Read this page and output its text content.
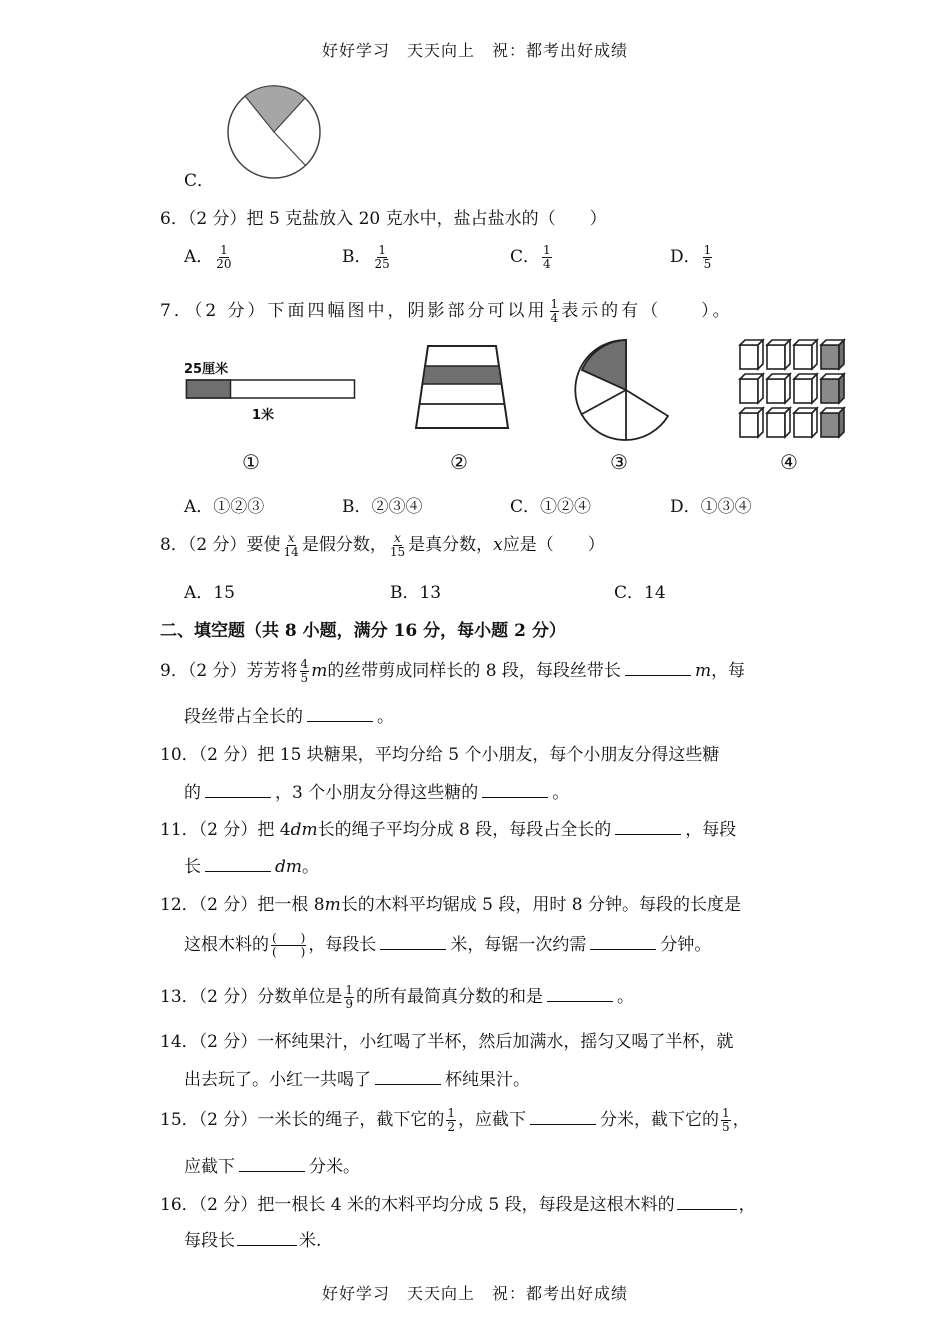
好好学习　天天向上　祝：都考出好成绩
C．
6．（2 分）把 5 克盐放入 20 克水中，盐占盐水的（　　）
A． $\frac{1}{20}$	B． $\frac{1}{25}$	C． $\frac{1}{4}$	D． $\frac{1}{5}$
7．（2 分）下面四幅图中，阴影部分可以用 $\frac{1}{4}$ 表示的有（　　）。
25厘米
1米
①	②	③	④
A．①②③	B．②③④	C．①②④	D．①③④
8．（2 分）要使 $\frac{x}{14}$ 是假分数， $\frac{x}{15}$ 是真分数，x应是（　　）
A．15	B．13	C．14
二、填空题（共 8 小题，满分 16 分，每小题 2 分）
9．（2 分）芳芳将 $\frac{4}{5}$ m的丝带剪成同样长的 8 段，每段丝带长	m，每
段丝带占全长的	。
10．（2 分）把 15 块糖果，平均分给 5 个小朋友，每个小朋友分得这些糖
的	，3 个小朋友分得这些糖的	。
11．（2 分）把 4dm长的绳子平均分成 8 段，每段占全长的	，每段
长	dm。
12．（2 分）把一根 8m长的木料平均锯成 5 段，用时 8 分钟。每段的长度是
这根木料的 $\frac{( )}{( )}$ ，每段长	米，每锯一次约需	分钟。
13．（2 分）分数单位是 $\frac{1}{9}$ 的所有最简真分数的和是	。
14．（2 分）一杯纯果汁，小红喝了半杯，然后加满水，摇匀又喝了半杯，就
出去玩了。小红一共喝了	杯纯果汁。
15．（2 分）一米长的绳子，截下它的 $\frac{1}{2}$ ，应截下	分米，截下它的 $\frac{1}{5}$ ，
应截下	分米。
16．（2 分）把一根长 4 米的木料平均分成 5 段，每段是这根木料的	，
每段长	米.
好好学习　天天向上　祝：都考出好成绩
